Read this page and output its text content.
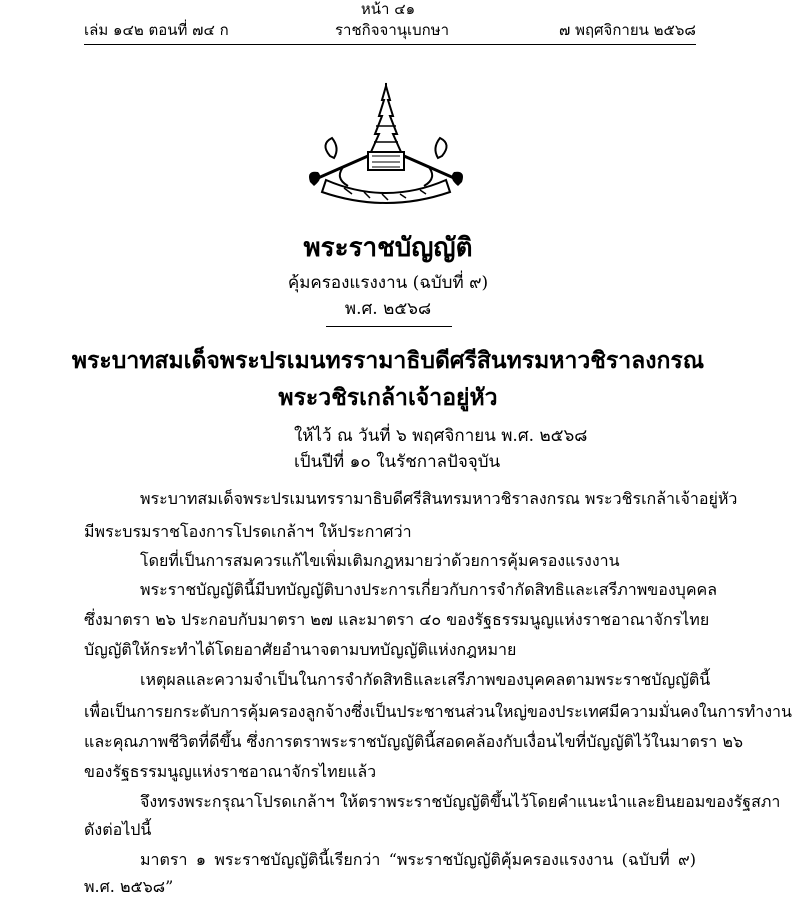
หน้า ๔๑
เล่ม ๑๔๒ ตอนที่ ๗๔ ก	ราชกิจจานุเบกษา	๗ พฤศจิกายน ๒๕๖๘
พระราชบัญญัติ
คุ้มครองแรงงาน (ฉบับที่ ๙)
พ.ศ. ๒๕๖๘
พระบาทสมเด็จพระปรเมนทรรามาธิบดีศรีสินทรมหาวชิราลงกรณ
พระวชิรเกล้าเจ้าอยู่หัว
ให้ไว้ ณ วันที่ ๖ พฤศจิกายน พ.ศ. ๒๕๖๘
เป็นปีที่ ๑๐ ในรัชกาลปัจจุบัน
พระบาทสมเด็จพระปรเมนทรรามาธิบดีศรีสินทรมหาวชิราลงกรณ พระวชิรเกล้าเจ้าอยู่หัว
มีพระบรมราชโองการโปรดเกล้าฯ ให้ประกาศว่า
โดยที่เป็นการสมควรแก้ไขเพิ่มเติมกฎหมายว่าด้วยการคุ้มครองแรงงาน
พระราชบัญญัตินี้มีบทบัญญัติบางประการเกี่ยวกับการจำกัดสิทธิและเสรีภาพของบุคคล
ซึ่งมาตรา ๒๖ ประกอบกับมาตรา ๒๗ และมาตรา ๔๐ ของรัฐธรรมนูญแห่งราชอาณาจักรไทย
บัญญัติให้กระทำได้โดยอาศัยอำนาจตามบทบัญญัติแห่งกฎหมาย
เหตุผลและความจำเป็นในการจำกัดสิทธิและเสรีภาพของบุคคลตามพระราชบัญญัตินี้
เพื่อเป็นการยกระดับการคุ้มครองลูกจ้างซึ่งเป็นประชาชนส่วนใหญ่ของประเทศมีความมั่นคงในการทำงาน
และคุณภาพชีวิตที่ดีขึ้น ซึ่งการตราพระราชบัญญัตินี้สอดคล้องกับเงื่อนไขที่บัญญัติไว้ในมาตรา ๒๖
ของรัฐธรรมนูญแห่งราชอาณาจักรไทยแล้ว
จึงทรงพระกรุณาโปรดเกล้าฯ ให้ตราพระราชบัญญัติขึ้นไว้โดยคำแนะนำและยินยอมของรัฐสภา
ดังต่อไปนี้
มาตรา ๑ พระราชบัญญัตินี้เรียกว่า “พระราชบัญญัติคุ้มครองแรงงาน (ฉบับที่ ๙)
พ.ศ. ๒๕๖๘”
